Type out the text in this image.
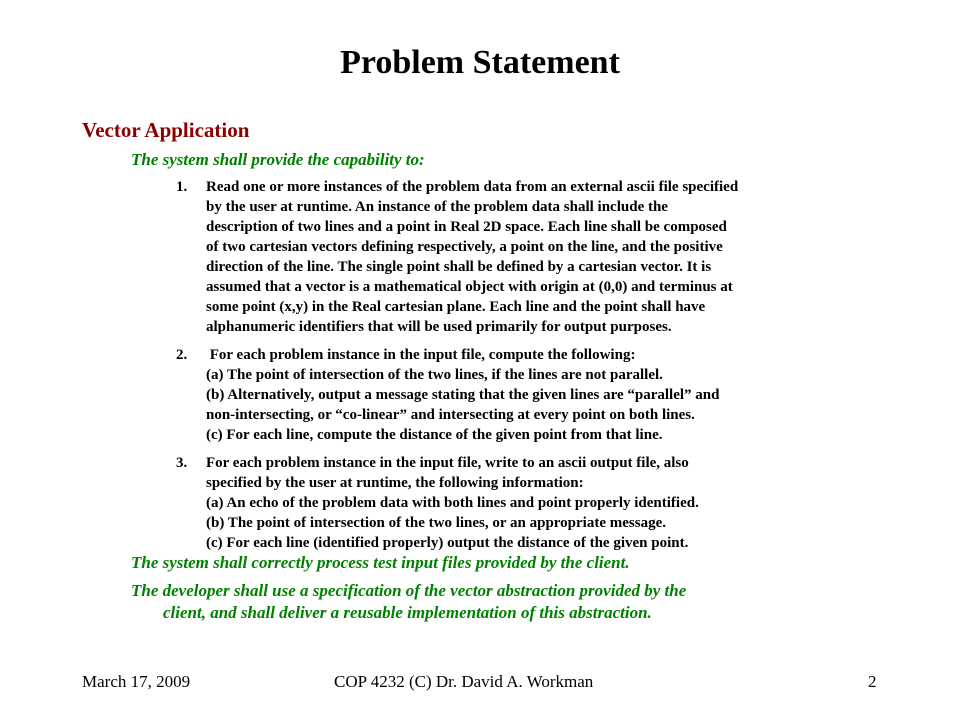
Problem Statement
Vector Application
The system shall provide the capability to:
1. Read one or more instances of the problem data from an external ascii file specified
by the user at runtime. An instance of the problem data shall include the
description of two lines and a point in Real 2D space. Each line shall be composed
of two cartesian vectors defining respectively, a point on the line, and the positive
direction of the line. The single point shall be defined by a cartesian vector. It is
assumed that a vector is a mathematical object with origin at (0,0) and terminus at
some point (x,y) in the Real cartesian plane. Each line and the point shall have
alphanumeric identifiers that will be used primarily for output purposes.
2. For each problem instance in the input file, compute the following:
(a) The point of intersection of the two lines, if the lines are not parallel.
(b) Alternatively, output a message stating that the given lines are “parallel” and
non-intersecting, or “co-linear” and intersecting at every point on both lines.
(c) For each line, compute the distance of the given point from that line.
3. For each problem instance in the input file, write to an ascii output file, also
specified by the user at runtime, the following information:
(a) An echo of the problem data with both lines and point properly identified.
(b) The point of intersection of the two lines, or an appropriate message.
(c) For each line (identified properly) output the distance of the given point.
The system shall correctly process test input files provided by the client.
The developer shall use a specification of the vector abstraction provided by the
client, and shall deliver a reusable implementation of this abstraction.
March 17, 2009	COP 4232 (C) Dr. David A. Workman	2
